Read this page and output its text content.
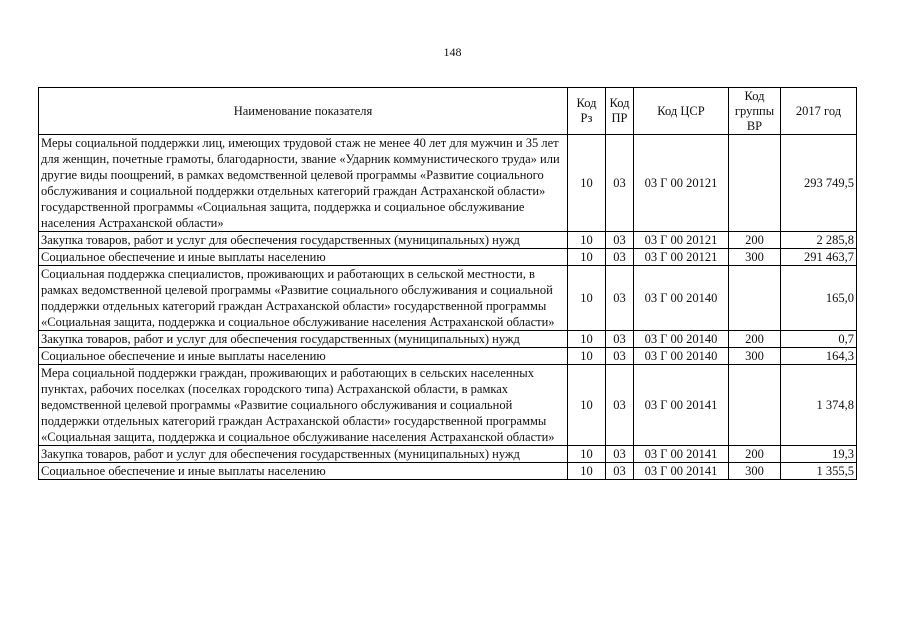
148
Наименование показателя	Код Рз	Код ПР	Код ЦСР	Код группы ВР	2017 год
Меры социальной поддержки лиц, имеющих трудовой стаж не менее 40 лет для мужчин и 35 лет для женщин, почетные грамоты, благодарности, звание «Ударник коммунистического труда» или другие виды поощрений, в рамках ведомственной целевой программы «Развитие социального обслуживания и социальной поддержки отдельных категорий граждан Астраханской области» государственной программы «Социальная защита, поддержка и социальное обслуживание населения Астраханской области»	10	03	03 Г 00 20121		293 749,5
Закупка товаров, работ и услуг для обеспечения государственных (муниципальных) нужд	10	03	03 Г 00 20121	200	2 285,8
Социальное обеспечение и иные выплаты населению	10	03	03 Г 00 20121	300	291 463,7
Социальная поддержка специалистов, проживающих и работающих в сельской местности, в рамках ведомственной целевой программы «Развитие социального обслуживания и социальной поддержки отдельных категорий граждан Астраханской области» государственной программы «Социальная защита, поддержка и социальное обслуживание населения Астраханской области»	10	03	03 Г 00 20140		165,0
Закупка товаров, работ и услуг для обеспечения государственных (муниципальных) нужд	10	03	03 Г 00 20140	200	0,7
Социальное обеспечение и иные выплаты населению	10	03	03 Г 00 20140	300	164,3
Мера социальной поддержки граждан, проживающих и работающих в сельских населенных пунктах, рабочих поселках (поселках городского типа) Астраханской области, в рамках ведомственной целевой программы «Развитие социального обслуживания и социальной поддержки отдельных категорий граждан Астраханской области» государственной программы «Социальная защита, поддержка и социальное обслуживание населения Астраханской области»	10	03	03 Г 00 20141		1 374,8
Закупка товаров, работ и услуг для обеспечения государственных (муниципальных) нужд	10	03	03 Г 00 20141	200	19,3
Социальное обеспечение и иные выплаты населению	10	03	03 Г 00 20141	300	1 355,5
